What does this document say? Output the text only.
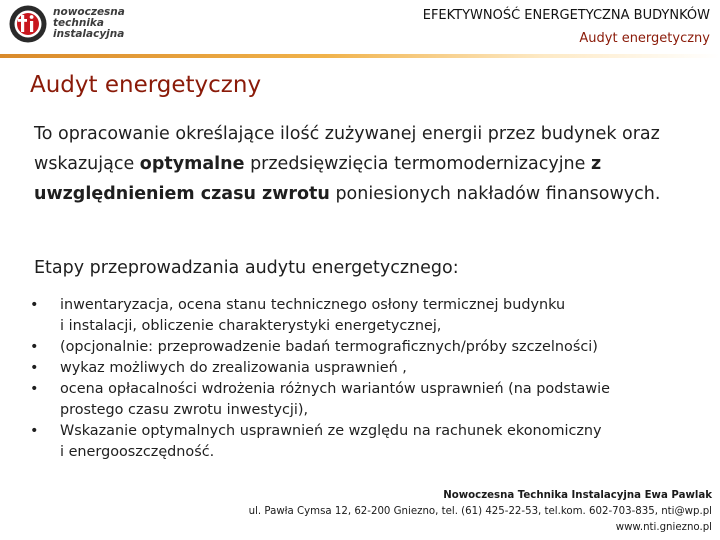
nowoczesna
technika
instalacyjna
EFEKTYWNOŚĆ ENERGETYCZNA BUDYNKÓW
Audyt energetyczny
Audyt energetyczny
To opracowanie określające ilość zużywanej energii przez budynek oraz wskazujące optymalne przedsięwzięcia termomodernizacyjne z uwzględnieniem czasu zwrotu poniesionych nakładów finansowych.
Etapy przeprowadzania audytu energetycznego:
• inwentaryzacja, ocena stanu technicznego osłony termicznej budynku
i instalacji, obliczenie charakterystyki energetycznej,
• (opcjonalnie: przeprowadzenie badań termograficznych/próby szczelności)
• wykaz możliwych do zrealizowania usprawnień ,
• ocena opłacalności wdrożenia różnych wariantów usprawnień (na podstawie
prostego czasu zwrotu inwestycji),
• Wskazanie optymalnych usprawnień ze względu na rachunek ekonomiczny
i energooszczędność.
Nowoczesna Technika Instalacyjna Ewa Pawlak
ul. Pawła Cymsa 12, 62-200 Gniezno, tel. (61) 425-22-53, tel.kom. 602-703-835, nti@wp.pl
www.nti.gniezno.pl
